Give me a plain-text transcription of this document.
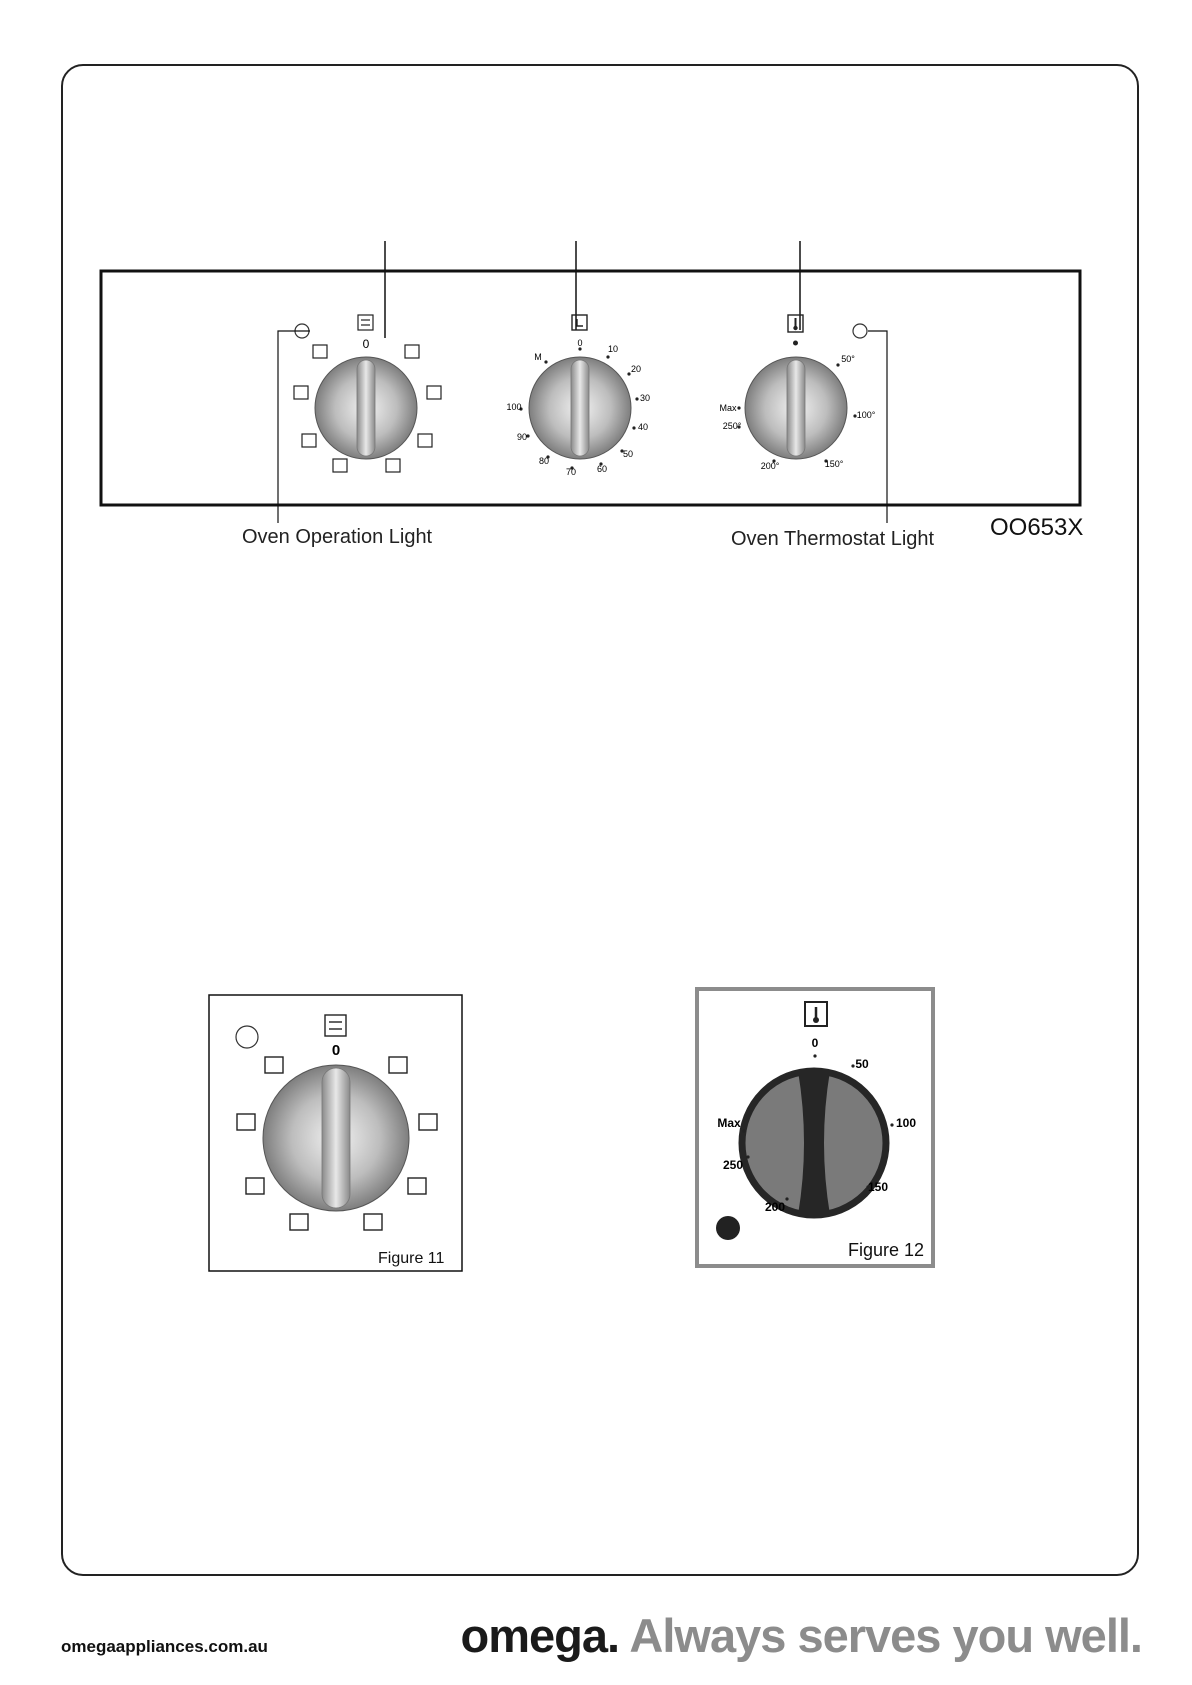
0
M
0
10
20
30
40
50
60
70
80
90
100
50°
100°
150°
200°
250°
Max
0	0
50
100
150
200
250
Max
Oven Operation Light	Oven Thermostat Light OO653X
Figure 11	Figure 12
omegaappliances.com.au	omega. Always serves you well.
